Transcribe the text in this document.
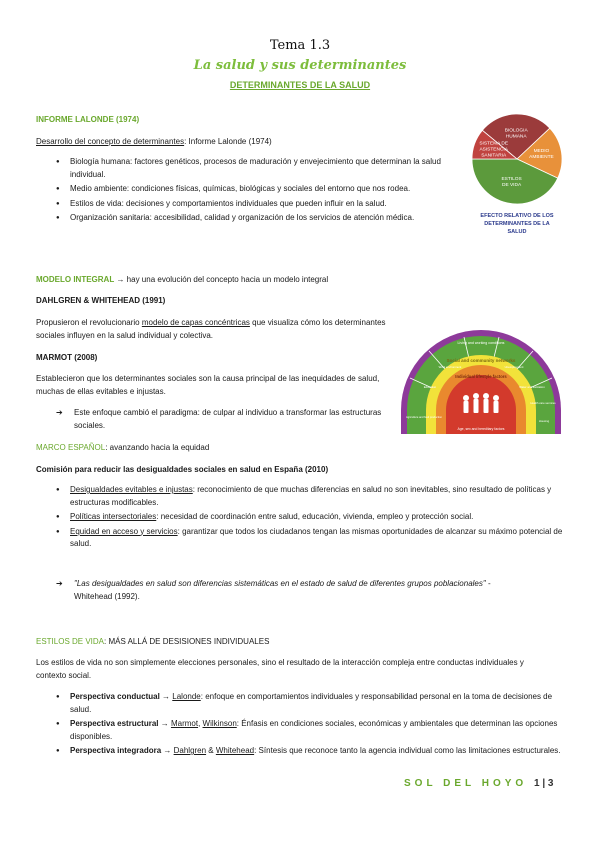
Tema 1.3
La salud y sus determinantes
DETERMINANTES DE LA SALUD
INFORME LALONDE (1974)
Desarrollo del concepto de determinantes: Informe Lalonde (1974)
● Biología humana: factores genéticos, procesos de maduración y envejecimiento que determinan la salud individual.
● Medio ambiente: condiciones físicas, químicas, biológicas y sociales del entorno que nos rodea.
● Estilos de vida: decisiones y comportamientos individuales que pueden influir en la salud.
● Organización sanitaria: accesibilidad, calidad y organización de los servicios de atención médica.
BIOLOGIA HUMANA
MEDIO AMBIENTE
ESTILOS DE VIDA
SISTEMA DE ASISTENCIA SANITARIA
EFECTO RELATIVO DE LOS
DETERMINANTES DE LA
SALUD
MODELO INTEGRAL → hay una evolución del concepto hacia un modelo integral
DAHLGREN & WHITEHEAD (1991)
Propusieron el revolucionario modelo de capas concéntricas que visualiza cómo los determinantes sociales influyen en la salud individual y colectiva.
MARMOT (2008)
Establecieron que los determinantes sociales son la causa principal de las inequidades de salud, muchas de ellas evitables e injustas.
➔ Este enfoque cambió el paradigma: de culpar al individuo a transformar las estructuras sociales.	Age, sex and hereditary factors
Individual lifestyle factors
Social and community networks
Living and working conditions
General socio-economic, cultural and environmental conditions
Agriculture and food production
Education
Work environment	Unemployment
Water and sanitation
Health care services
Housing
MARCO ESPAÑOL: avanzando hacia la equidad
Comisión para reducir las desigualdades sociales en salud en España (2010)
● Desigualdades evitables e injustas: reconocimiento de que muchas diferencias en salud no son inevitables, sino resultado de políticas y estructuras modificables.
● Políticas intersectoriales: necesidad de coordinación entre salud, educación, vivienda, empleo y protección social.
● Equidad en acceso y servicios: garantizar que todos los ciudadanos tengan las mismas oportunidades de alcanzar su máximo potencial de salud.
➔ "Las desigualdades en salud son diferencias sistemáticas en el estado de salud de diferentes grupos poblacionales" - Whitehead (1992).
ESTILOS DE VIDA: MÁS ALLÁ DE DESISIONES INDIVIDUALES
Los estilos de vida no son simplemente elecciones personales, sino el resultado de la interacción compleja entre conductas individuales y contexto social.
● Perspectiva conductual → Lalonde: enfoque en comportamientos individuales y responsabilidad personal en la toma de decisiones de salud.
● Perspectiva estructural → Marmot, Wilkinson: Énfasis en condiciones sociales, económicas y ambientales que determinan las opciones disponibles.
● Perspectiva integradora → Dahlgren & Whitehead: Síntesis que reconoce tanto la agencia individual como las limitaciones estructurales.
SOL DEL HOYO 1 | 3
